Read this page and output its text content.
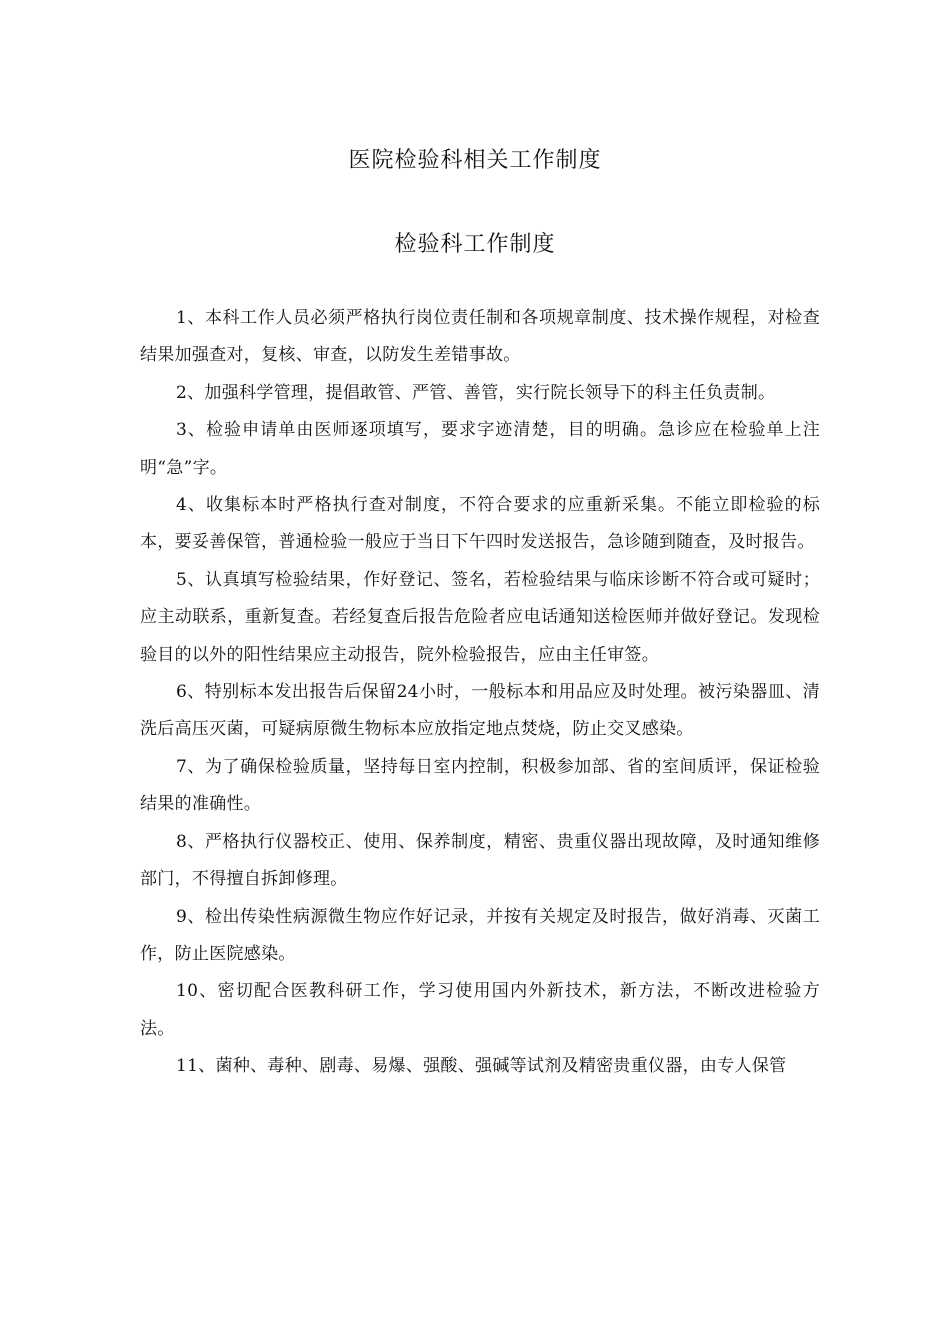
医院检验科相关工作制度
检验科工作制度

1、本科工作人员必须严格执行岗位责任制和各项规章制度、技术操作规程，对检查结果加强查对，复核、审查，以防发生差错事故。

2、加强科学管理，提倡敢管、严管、善管，实行院长领导下的科主任负责制。

3、检验申请单由医师逐项填写，要求字迹清楚，目的明确。急诊应在检验单上注明“急”字。

4、收集标本时严格执行查对制度，不符合要求的应重新采集。不能立即检验的标本，要妥善保管，普通检验一般应于当日下午四时发送报告，急诊随到随查，及时报告。

5、认真填写检验结果，作好登记、签名，若检验结果与临床诊断不符合或可疑时；应主动联系，重新复查。若经复查后报告危险者应电话通知送检医师并做好登记。发现检验目的以外的阳性结果应主动报告，院外检验报告，应由主任审签。

6、特别标本发出报告后保留24小时，一般标本和用品应及时处理。被污染器皿、清洗后高压灭菌，可疑病原微生物标本应放指定地点焚烧，防止交叉感染。

7、为了确保检验质量，坚持每日室内控制，积极参加部、省的室间质评，保证检验结果的准确性。

8、严格执行仪器校正、使用、保养制度，精密、贵重仪器出现故障，及时通知维修部门，不得擅自拆卸修理。

9、检出传染性病源微生物应作好记录，并按有关规定及时报告，做好消毒、灭菌工作，防止医院感染。

10、密切配合医教科研工作，学习使用国内外新技术，新方法，不断改进检验方法。

11、菌种、毒种、剧毒、易爆、强酸、强碱等试剂及精密贵重仪器，由专人保管
